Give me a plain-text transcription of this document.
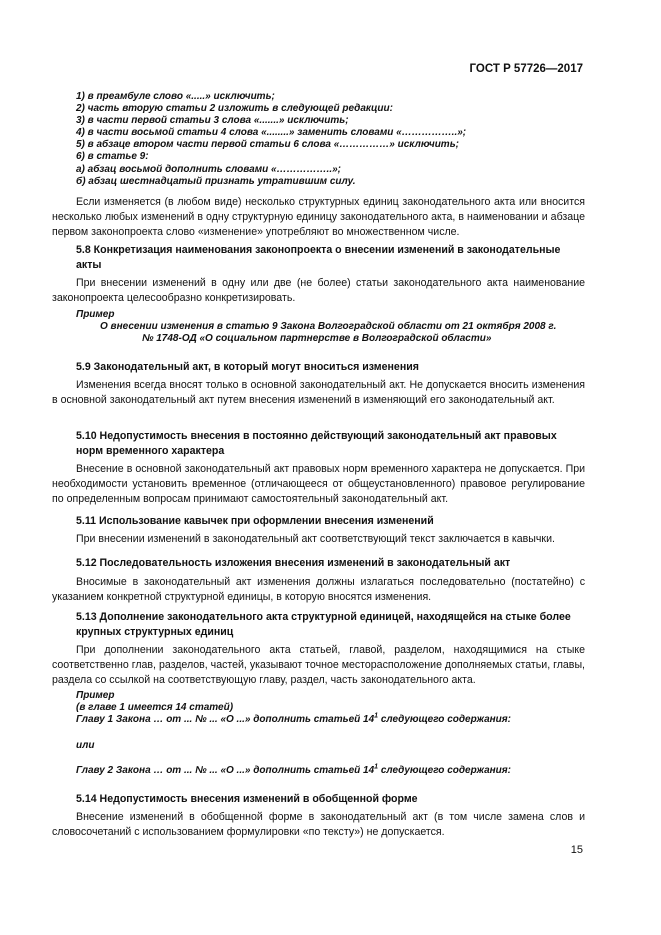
ГОСТ Р 57726—2017
1) в преамбуле слово «.....» исключить;
2) часть вторую статьи 2 изложить в следующей редакции:
3) в части первой статьи 3 слова «.......» исключить;
4) в части восьмой статьи 4 слова «........» заменить словами «……………..»;
5) в абзаце втором части первой статьи 6 слова «……………» исключить;
6) в статье 9:
а) абзац восьмой дополнить словами «……………..»;
б) абзац шестнадцатый признать утратившим силу.

Если изменяется (в любом виде) несколько структурных единиц законодательного акта или вносится несколько любых изменений в одну структурную единицу законодательного акта, в наименовании и абзаце первом законопроекта слово «изменение» употребляют во множественном числе.

5.8 Конкретизация наименования законопроекта о внесении изменений в законодательные акты

При внесении изменений в одну или две (не более) статьи законодательного акта наименование законопроекта целесообразно конкретизировать.

Пример
О внесении изменения в статью 9 Закона Волгоградской области от 21 октября 2008 г.
№ 1748-ОД «О социальном партнерстве в Волгоградской области»

5.9 Законодательный акт, в который могут вноситься изменения

Изменения всегда вносят только в основной законодательный акт. Не допускается вносить изменения в основной законодательный акт путем внесения изменений в изменяющий его законодательный акт.

5.10 Недопустимость внесения в постоянно действующий законодательный акт правовых норм временного характера

Внесение в основной законодательный акт правовых норм временного характера не допускается. При необходимости установить временное (отличающееся от общеустановленного) правовое регулирование по определенным вопросам принимают самостоятельный законодательный акт.

5.11 Использование кавычек при оформлении внесения изменений

При внесении изменений в законодательный акт соответствующий текст заключается в кавычки.

5.12 Последовательность изложения внесения изменений в законодательный акт

Вносимые в законодательный акт изменения должны излагаться последовательно (постатейно) с указанием конкретной структурной единицы, в которую вносятся изменения.

5.13 Дополнение законодательного акта структурной единицей, находящейся на стыке более крупных структурных единиц

При дополнении законодательного акта статьей, главой, разделом, находящимися на стыке соответственно глав, разделов, частей, указывают точное месторасположение дополняемых статьи, главы, раздела со ссылкой на соответствующую главу, раздел, часть законодательного акта.

Пример
(в главе 1 имеется 14 статей)
Главу 1 Закона … от ... № ... «О ...» дополнить статьей $14^1$ следующего содержания:
или
Главу 2 Закона … от ... № ... «О ...» дополнить статьей $14^1$ следующего содержания:

5.14 Недопустимость внесения изменений в обобщенной форме

Внесение изменений в обобщенной форме в законодательный акт (в том числе замена слов и словосочетаний с использованием формулировки «по тексту») не допускается.

15
